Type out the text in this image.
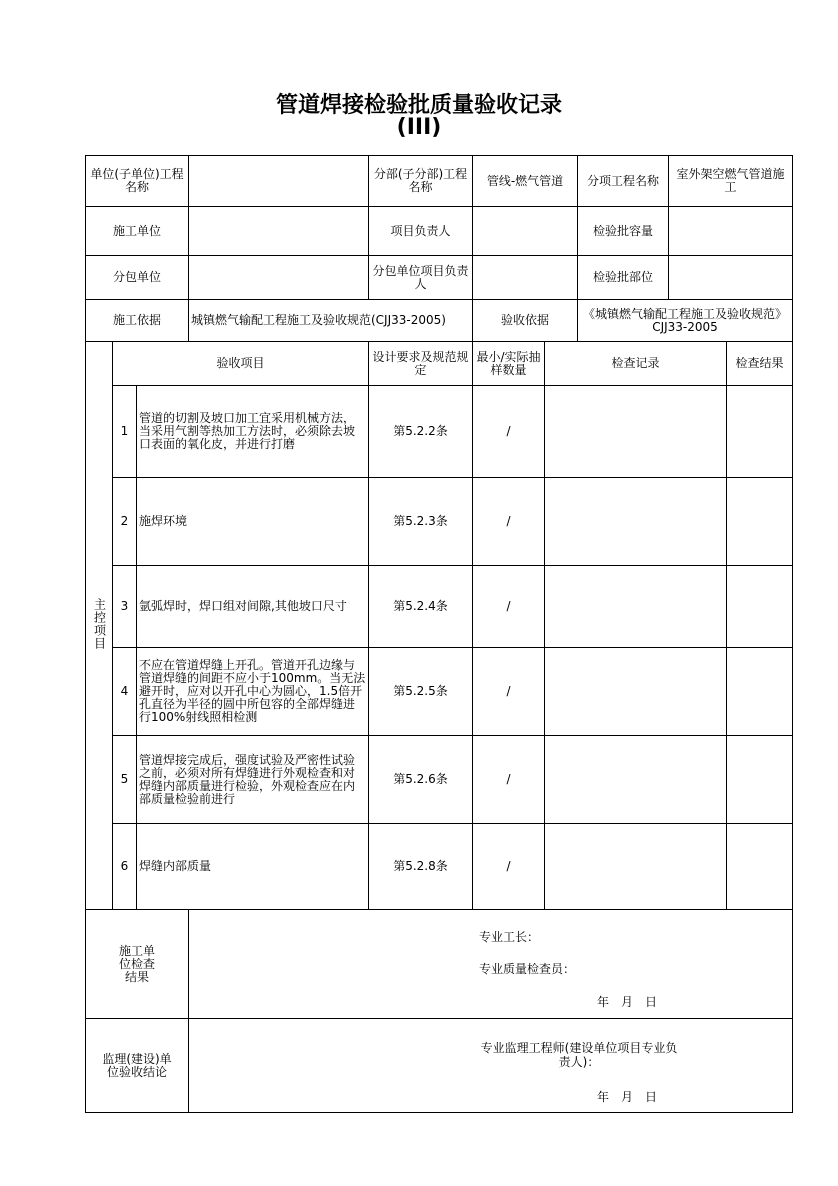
管道焊接检验批质量验收记录
(III)
单位(子单位)工程名称				分部(子分部)工程名称	管线-燃气管道		分项工程名称	室外架空燃气管道施工	
施工单位				项目负责人			检验批容量		
分包单位				分包单位项目负责人			检验批部位		
施工依据			城镇燃气输配工程施工及验收规范(CJJ33-2005)		验收依据		《城镇燃气输配工程施工及验收规范》CJJ33-2005		
主控项目	验收项目			设计要求及规范规定	最小/实际抽样数量	检查记录			检查结果
	1	管道的切割及坡口加工宜采用机械方法，当采用气割等热加工方法时，必须除去坡口表面的氧化皮，并进行打磨		第5.2.2条	/				
	2	施焊环境		第5.2.3条	/				
	3	氩弧焊时，焊口组对间隙,其他坡口尺寸		第5.2.4条	/				
	4	不应在管道焊缝上开孔。管道开孔边缘与管道焊缝的间距不应小于100mm。当无法避开时，应对以开孔中心为圆心，1.5倍开孔直径为半径的圆中所包容的全部焊缝进行100%射线照相检测		第5.2.5条	/				
	5	管道焊接完成后，强度试验及严密性试验之前，必须对所有焊缝进行外观检查和对焊缝内部质量进行检验，外观检查应在内部质量检验前进行		第5.2.6条	/				
	6	焊缝内部质量		第5.2.8条	/				
施工单位检查结果			专业工长：
专业质量检查员：
年　月　日						

监理(建设)单位验收结论			专业监理工程师(建设单位项目专业负责人)：
年　月　日						
